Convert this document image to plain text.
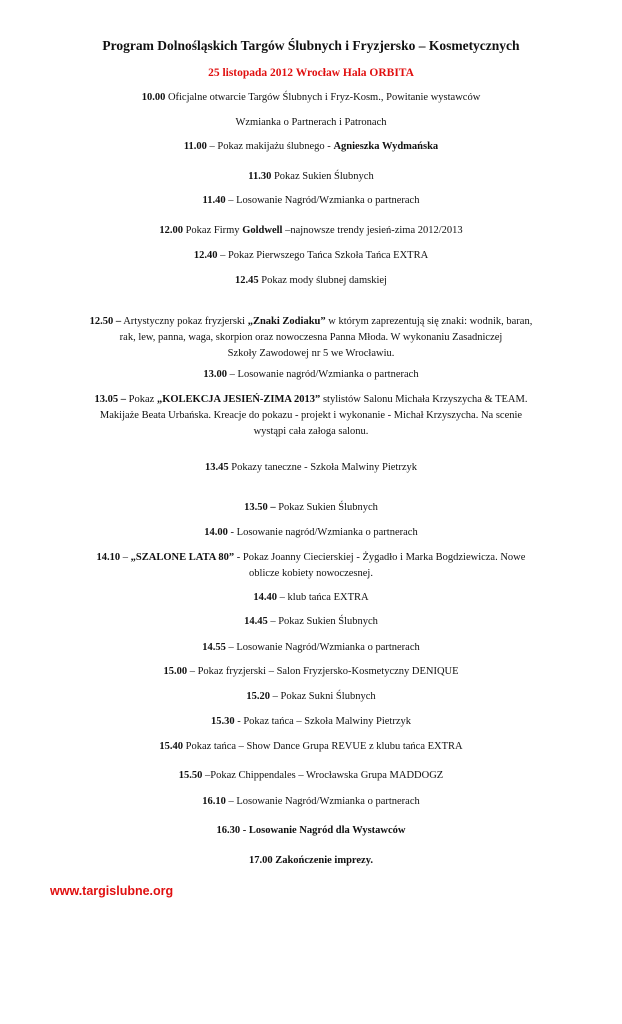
Program Dolnośląskich Targów Ślubnych i Fryzjersko – Kosmetycznych
25 listopada 2012 Wrocław Hala ORBITA
10.00 Oficjalne otwarcie Targów Ślubnych i Fryz-Kosm., Powitanie wystawców
Wzmianka o Partnerach i Patronach
11.00 – Pokaz makijażu ślubnego - Agnieszka Wydmańska
11.30 Pokaz Sukien Ślubnych
11.40 – Losowanie Nagród/Wzmianka o partnerach
12.00 Pokaz Firmy Goldwell –najnowsze trendy jesień-zima 2012/2013
12.40 – Pokaz Pierwszego Tańca Szkoła Tańca EXTRA
12.45 Pokaz mody ślubnej damskiej
12.50 – Artystyczny pokaz fryzjerski „Znaki Zodiaku” w którym zaprezentują się znaki: wodnik, baran,
rak, lew, panna, waga, skorpion oraz nowoczesna Panna Młoda. W wykonaniu Zasadniczej
Szkoły Zawodowej nr 5 we Wrocławiu.
13.00 – Losowanie nagród/Wzmianka o partnerach
13.05 – Pokaz „KOLEKCJA JESIEŃ-ZIMA 2013” stylistów Salonu Michała Krzyszycha & TEAM.
Makijaże Beata Urbańska. Kreacje do pokazu - projekt i wykonanie - Michał Krzyszycha. Na scenie
wystąpi cała załoga salonu.
13.45 Pokazy taneczne - Szkoła Malwiny Pietrzyk
13.50 – Pokaz Sukien Ślubnych
14.00 - Losowanie nagród/Wzmianka o partnerach
14.10 – „SZALONE LATA 80” - Pokaz Joanny Ciecierskiej - Żygadło i Marka Bogdziewicza. Nowe
oblicze kobiety nowoczesnej.
14.40 – klub tańca EXTRA
14.45 – Pokaz Sukien Ślubnych
14.55 – Losowanie Nagród/Wzmianka o partnerach
15.00 – Pokaz fryzjerski – Salon Fryzjersko-Kosmetyczny DENIQUE
15.20 – Pokaz Sukni Ślubnych
15.30 - Pokaz tańca – Szkoła Malwiny Pietrzyk
15.40 Pokaz tańca – Show Dance Grupa REVUE z klubu tańca EXTRA
15.50 –Pokaz Chippendales – Wrocławska Grupa MADDOGZ
16.10 – Losowanie Nagród/Wzmianka o partnerach
16.30 - Losowanie Nagród dla Wystawców
17.00 Zakończenie imprezy.
www.targislubne.org
